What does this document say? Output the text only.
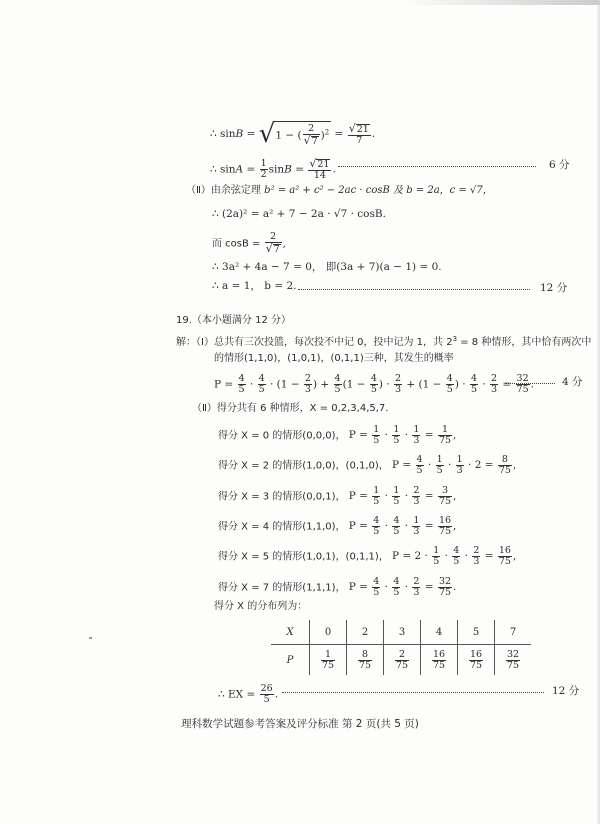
∴ sinB = √1 − ( $\frac{2}{√7} )^2 = \frac{√21}{7}$ .
∴ $\sin A = \frac{1}{2}$ $\sin B = \frac{√21}{14}$ .	6 分
（Ⅱ）由余弦定理 b² = a² + c² − 2ac · cosB 及 b = 2a，c = √7，
∴ (2a)² = a² + 7 − 2a · √7 · cosB.
而 $\cos B = \frac{2}{√7}$ ,
∴ 3a² + 4a − 7 = 0， 即(3a + 7)(a − 1) = 0.
∴ a = 1， b = 2.	12 分
19.（本小题满分 12 分）
解：（Ⅰ）总共有三次投篮，每次投不中记 0，投中记为 1，共 $2^3 = 8$ 种情形，其中恰有两次中
的情形(1,1,0)，(1,0,1)，(0,1,1)三种，其发生的概率
$P = \frac{4}{5} \cdot \frac{4}{5} \cdot (1 - \frac{2}{3}$ ) + $\frac{4}{5} (1 - \frac{4}{5}$ ) · $\frac{2}{3} + (1 - \frac{4}{5}$ ) · $\frac{4}{5} \cdot \frac{2}{3} = \frac{32}{75}$ .	4 分
（Ⅱ）得分共有 6 种情形，X = 0,2,3,4,5,7.
得分 X = 0 的情形(0,0,0)， $P = \frac{1}{5} \cdot \frac{1}{5} \cdot \frac{1}{3} = \frac{1}{75}$ ,
得分 X = 2 的情形(1,0,0)，(0,1,0)， $P = \frac{4}{5} \cdot \frac{1}{5} \cdot \frac{1}{3} \cdot 2 = \frac{8}{75}$ ,
得分 X = 3 的情形(0,0,1)， $P = \frac{1}{5} \cdot \frac{1}{5} \cdot \frac{2}{3} = \frac{3}{75}$ ,
得分 X = 4 的情形(1,1,0)， $P = \frac{4}{5} \cdot \frac{4}{5} \cdot \frac{1}{3} = \frac{16}{75}$ ,
得分 X = 5 的情形(1,0,1)，(0,1,1)， $P = 2 \cdot \frac{1}{5} \cdot \frac{4}{5} \cdot \frac{2}{3} = \frac{16}{75}$ ,
得分 X = 7 的情形(1,1,1)， $P = \frac{4}{5} \cdot \frac{4}{5} \cdot \frac{2}{3} = \frac{32}{75}$ .
得分 X 的分布列为：
X	0	2	3	4	5	7
P	$\frac{1}{75}$	$\frac{8}{75}$	$\frac{2}{75}$	$\frac{16}{75}$	$\frac{16}{75}$	$\frac{32}{75}$
∴ EX = $\frac{26}{5}$ .	12 分
理科数学试题参考答案及评分标准 第 2 页(共 5 页)
